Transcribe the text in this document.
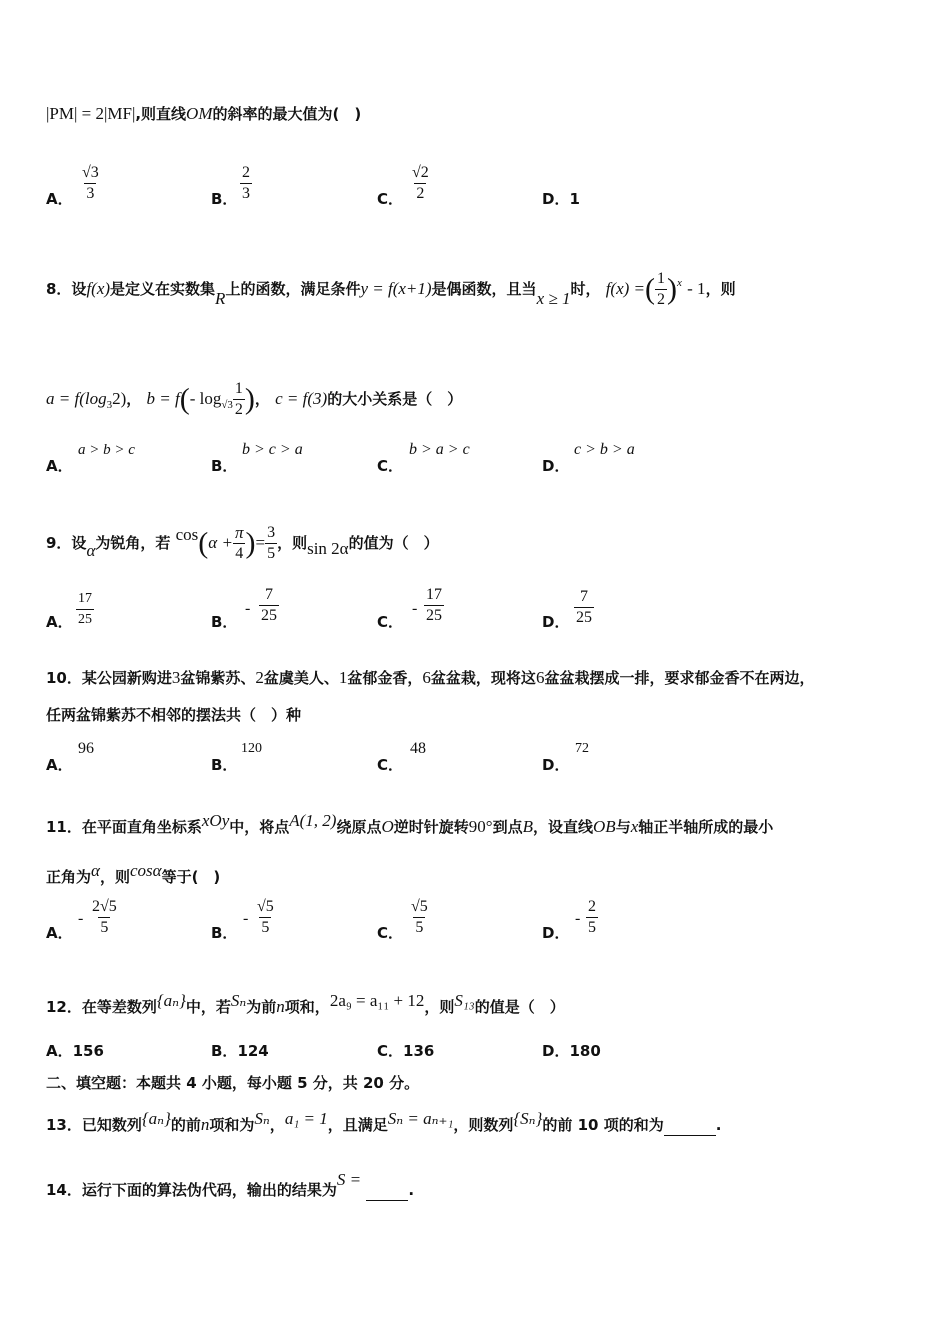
|PM| = 2|MF|,则直线OM的斜率的最大值为(　)
A． $\frac{√3}{3}$	B． $\frac{2}{3}$	C． $\frac{√2}{2}$	D．1
8．设f(x)是定义在实数集R上的函数，满足条件y = f(x+1)是偶函数，且当x ≥ 1时， f(x) =( $\frac{1}{2} )^x - 1$，则
$a = f(\log_32)$， b = f(- $\log_{√3} \frac{1}{2}$ )， c = f(3)的大小关系是（　）
A．
a > b > c
B．
b > c > a
C．
b > a > c
D．
c > b > a
9．设α为锐角，若 $\cos(\alpha + \frac{\pi}{4}$ )= $\frac{3}{5}$ ，则sin 2α的值为（　）
A． $\frac{17}{25}$	B．
- $\frac{7}{25}$	C．
- $\frac{17}{25}$	D． $\frac{7}{25}$
10．某公园新购进3盆锦紫苏、2盆虞美人、1盆郁金香，6盆盆栽，现将这6盆盆栽摆成一排，要求郁金香不在两边，
任两盆锦紫苏不相邻的摆法共（　）种
A．
96
B．
120
C．
48
D．
72
11．在平面直角坐标系xOy中，将点A(1, 2)绕原点O逆时针旋转90°到点B，设直线OB与x轴正半轴所成的最小
正角为α，则cosα等于(　)
A．
- $\frac{2√5}{5}$	B．
- $\frac{√5}{5}$	C． $\frac{√5}{5}$	D．
- $\frac{2}{5}$
12．在等差数列{aₙ}中，若Sₙ为前n项和，2a₉ = a₁₁ + 12，则S₁₃的值是（　）
A．156	B．124	C．136	D．180
二、填空题：本题共 4 小题，每小题 5 分，共 20 分。
13．已知数列{aₙ}的前n项和为Sₙ，a₁ = 1，且满足Sₙ = aₙ₊₁，则数列{Sₙ}的前 10 项的和为	.
14．运行下面的算法伪代码，输出的结果为S =  .
